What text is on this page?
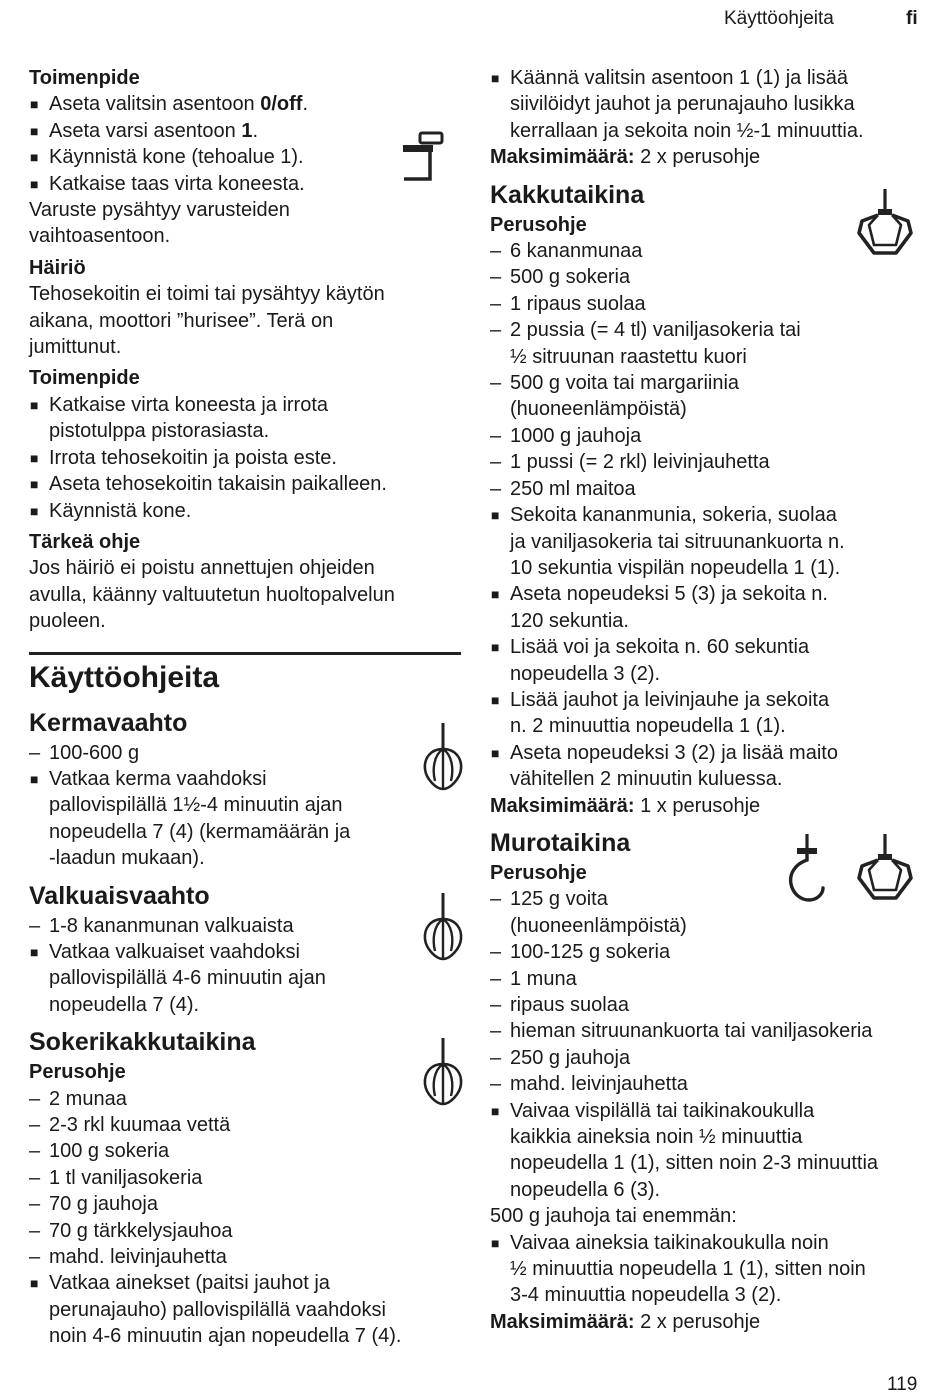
Käyttöohjeita	fi
Toimenpide
■ Aseta valitsin asentoon 0/off.
■ Aseta varsi asentoon 1.
■ Käynnistä kone (tehoalue 1).
■ Katkaise taas virta koneesta.

Varuste pysähtyy varusteiden

vaihtoasentoon.

Häiriö

Tehosekoitin ei toimi tai pysähtyy käytön

aikana, moottori ”hurisee”. Terä on

jumittunut.

Toimenpide
■ Katkaise virta koneesta ja irrota

pistotulppa pistorasiasta.

■ Irrota tehosekoitin ja poista este.

■ Aseta tehosekoitin takaisin paikalleen.

■ Käynnistä kone.

Tärkeä ohje

Jos häiriö ei poistu annettujen ohjeiden

avulla, käänny valtuutetun huoltopalvelun

puoleen.

Käyttöohjeita
Kermavaahto
– 100-600 g

■ Vatkaa kerma vaahdoksi

pallovispilällä 1½-4 minuutin ajan

nopeudella 7 (4) (kermamäärän ja

-laadun mukaan).

Valkuaisvaahto
– 1-8 kananmunan valkuaista

■ Vatkaa valkuaiset vaahdoksi

pallovispilällä 4-6 minuutin ajan

nopeudella 7 (4).

Sokerikakkutaikina
Perusohje
– 2 munaa

– 2-3 rkl kuumaa vettä

– 100 g sokeria

– 1 tl vaniljasokeria

– 70 g jauhoja

– 70 g tärkkelysjauhoa

– mahd. leivinjauhetta

■ Vatkaa ainekset (paitsi jauhot ja

perunajauho) pallovispilällä vaahdoksi

noin 4-6 minuutin ajan nopeudella 7 (4).

■ Käännä valitsin asentoon 1 (1) ja lisää

siivilöidyt jauhot ja perunajauho lusikka

kerrallaan ja sekoita noin ½-1 minuuttia.

Maksimimäärä: 2 x perusohje

Kakkutaikina
Perusohje
– 6 kananmunaa

– 500 g sokeria

– 1 ripaus suolaa

– 2 pussia (= 4 tl) vaniljasokeria tai

½ sitruunan raastettu kuori

– 500 g voita tai margariinia

(huoneenlämpöistä)

– 1000 g jauhoja

– 1 pussi (= 2 rkl) leivinjauhetta

– 250 ml maitoa

■ Sekoita kananmunia, sokeria, suolaa

ja vaniljasokeria tai sitruunankuorta n.

10 sekuntia vispilän nopeudella 1 (1).

■ Aseta nopeudeksi 5 (3) ja sekoita n.

120 sekuntia.

■ Lisää voi ja sekoita n. 60 sekuntia

nopeudella 3 (2).

■ Lisää jauhot ja leivinjauhe ja sekoita

n. 2 minuuttia nopeudella 1 (1).

■ Aseta nopeudeksi 3 (2) ja lisää maito

vähitellen 2 minuutin kuluessa.

Maksimimäärä: 1 x perusohje

Murotaikina
Perusohje
– 125 g voita

(huoneenlämpöistä)

– 100-125 g sokeria

– 1 muna

– ripaus suolaa

– hieman sitruunankuorta tai vaniljasokeria

– 250 g jauhoja

– mahd. leivinjauhetta

■ Vaivaa vispilällä tai taikinakoukulla

kaikkia aineksia noin ½ minuuttia

nopeudella 1 (1), sitten noin 2-3 minuuttia

nopeudella 6 (3).

500 g jauhoja tai enemmän:

■ Vaivaa aineksia taikinakoukulla noin

½ minuuttia nopeudella 1 (1), sitten noin

3-4 minuuttia nopeudella 3 (2).

Maksimimäärä: 2 x perusohje

119
